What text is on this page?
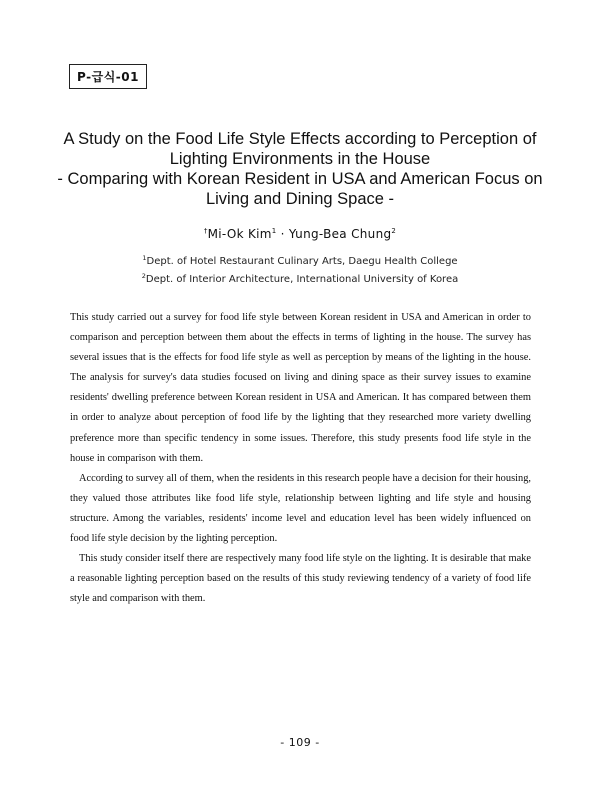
P-급식-01
A Study on the Food Life Style Effects according to Perception of
Lighting Environments in the House
- Comparing with Korean Resident in USA and American Focus on
Living and Dining Space -
†Mi-Ok Kim$^1$ · Yung-Bea Chung$^2$
$^1$Dept. of Hotel Restaurant Culinary Arts, Daegu Health College
$^2$Dept. of Interior Architecture, International University of Korea

This study carried out a survey for food life style between Korean resident in USA and American in order to comparison and perception between them about the effects in terms of lighting in the house. The survey has several issues that is the effects for food life style as well as perception by means of the lighting in the house. The analysis for survey's data studies focused on living and dining space as their survey issues to examine residents' dwelling preference between Korean resident in USA and American. It has compared between them in order to analyze about perception of food life by the lighting that they researched more variety dwelling preference more than specific tendency in some issues. Therefore, this study presents food life style in the house in comparison with them.

According to survey all of them, when the residents in this research people have a decision for their housing, they valued those attributes like food life style, relationship between lighting and life style and housing structure. Among the variables, residents' income level and education level has been widely influenced on food life style decision by the lighting perception.

This study consider itself there are respectively many food life style on the lighting. It is desirable that make a reasonable lighting perception based on the results of this study reviewing tendency of a variety of food life style and comparison with them.

- 109 -
